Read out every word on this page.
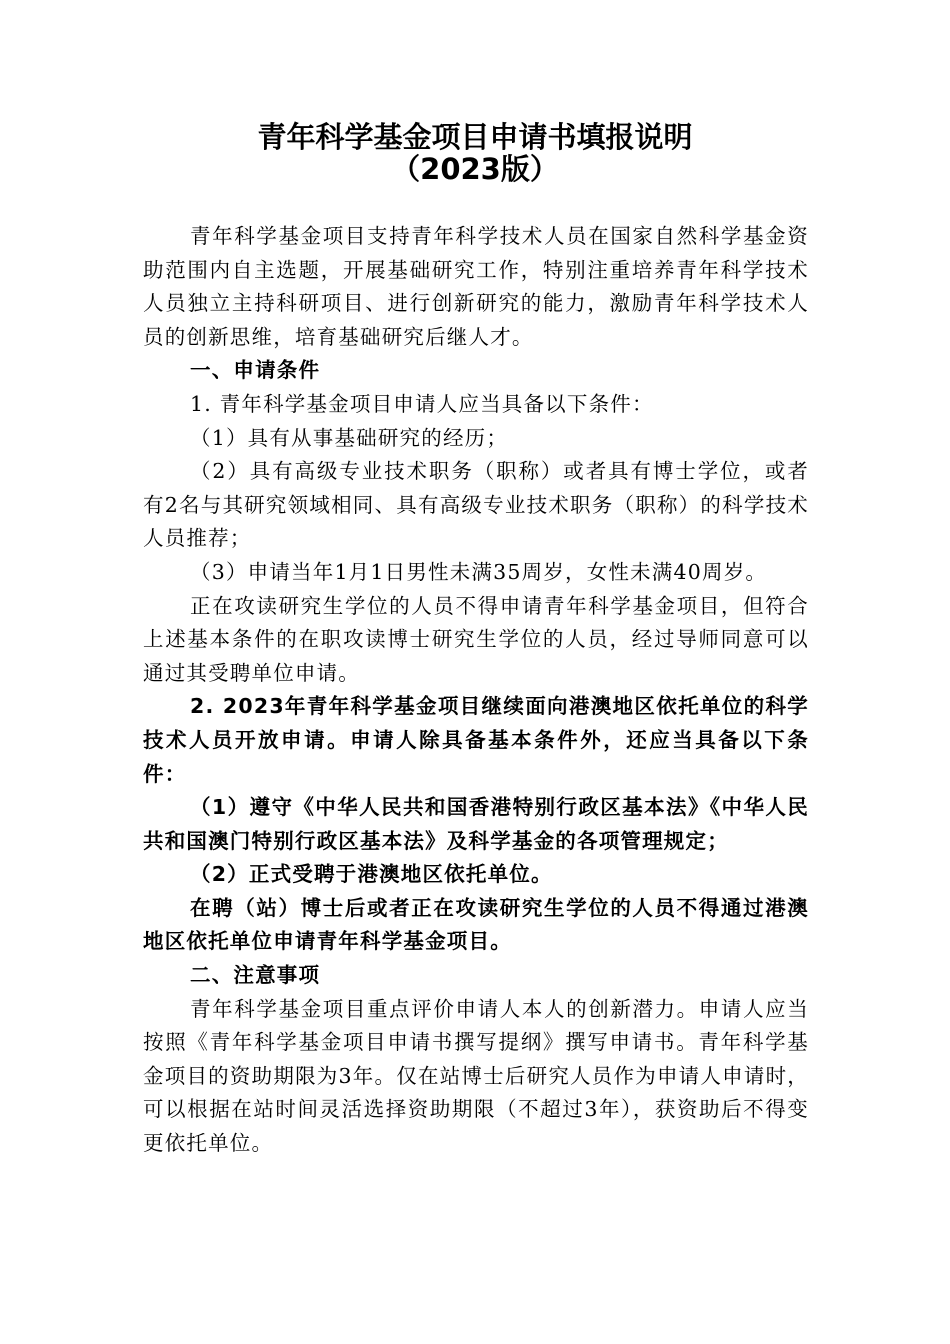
青年科学基金项目申请书填报说明
（2023版）

青年科学基金项目支持青年科学技术人员在国家自然科学基金资助范围内自主选题，开展基础研究工作，特别注重培养青年科学技术人员独立主持科研项目、进行创新研究的能力，激励青年科学技术人员的创新思维，培育基础研究后继人才。

一、申请条件

1. 青年科学基金项目申请人应当具备以下条件：

（1）具有从事基础研究的经历；

（2）具有高级专业技术职务（职称）或者具有博士学位，或者有2名与其研究领域相同、具有高级专业技术职务（职称）的科学技术人员推荐；

（3）申请当年1月1日男性未满35周岁，女性未满40周岁。

正在攻读研究生学位的人员不得申请青年科学基金项目，但符合上述基本条件的在职攻读博士研究生学位的人员，经过导师同意可以通过其受聘单位申请。

2. 2023年青年科学基金项目继续面向港澳地区依托单位的科学技术人员开放申请。申请人除具备基本条件外，还应当具备以下条件：

（1）遵守《中华人民共和国香港特别行政区基本法》《中华人民共和国澳门特别行政区基本法》及科学基金的各项管理规定；

（2）正式受聘于港澳地区依托单位。

在聘（站）博士后或者正在攻读研究生学位的人员不得通过港澳地区依托单位申请青年科学基金项目。

二、注意事项

青年科学基金项目重点评价申请人本人的创新潜力。申请人应当按照《青年科学基金项目申请书撰写提纲》撰写申请书。青年科学基金项目的资助期限为3年。仅在站博士后研究人员作为申请人申请时，可以根据在站时间灵活选择资助期限（不超过3年），获资助后不得变更依托单位。
